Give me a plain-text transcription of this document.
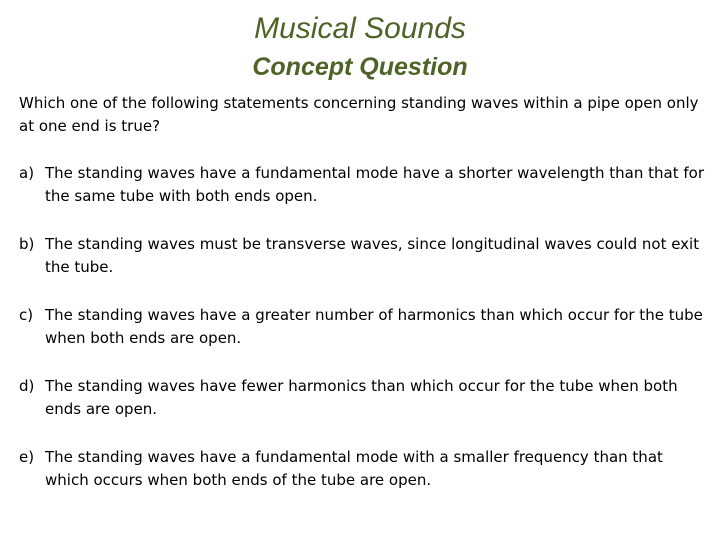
Musical Sounds
Concept Question

Which one of the following statements concerning standing waves within a pipe open only at one end is true?

a) The standing waves have a fundamental mode have a shorter wavelength than that for the same tube with both ends open.
b) The standing waves must be transverse waves, since longitudinal waves could not exit the tube.
c) The standing waves have a greater number of harmonics than which occur for the tube when both ends are open.
d) The standing waves have fewer harmonics than which occur for the tube when both ends are open.
e) The standing waves have a fundamental mode with a smaller frequency than that which occurs when both ends of the tube are open.
